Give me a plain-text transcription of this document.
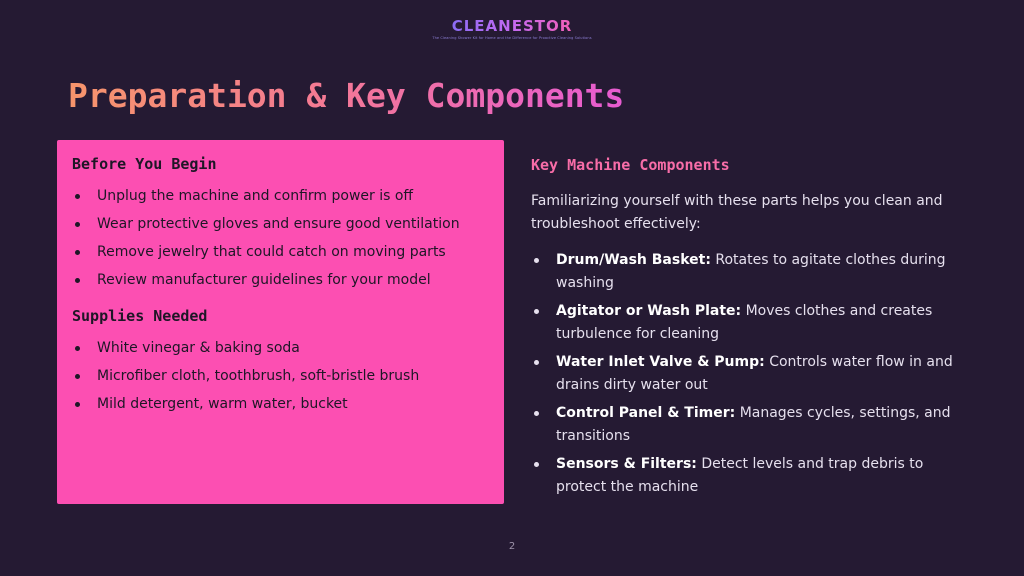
CLEANESTOR
The Cleaning Shower Kit for Home and the Difference for Proactive Cleaning Solutions
Preparation & Key Components
Before You Begin
Unplug the machine and confirm power is off
Wear protective gloves and ensure good ventilation
Remove jewelry that could catch on moving parts
Review manufacturer guidelines for your model
Supplies Needed
White vinegar & baking soda
Microfiber cloth, toothbrush, soft-bristle brush
Mild detergent, warm water, bucket
Key Machine Components

Familiarizing yourself with these parts helps you clean and troubleshoot effectively:

Drum/Wash Basket: Rotates to agitate clothes during washing
Agitator or Wash Plate: Moves clothes and creates turbulence for cleaning
Water Inlet Valve & Pump: Controls water flow in and drains dirty water out
Control Panel & Timer: Manages cycles, settings, and transitions
Sensors & Filters: Detect levels and trap debris to protect the machine
2
